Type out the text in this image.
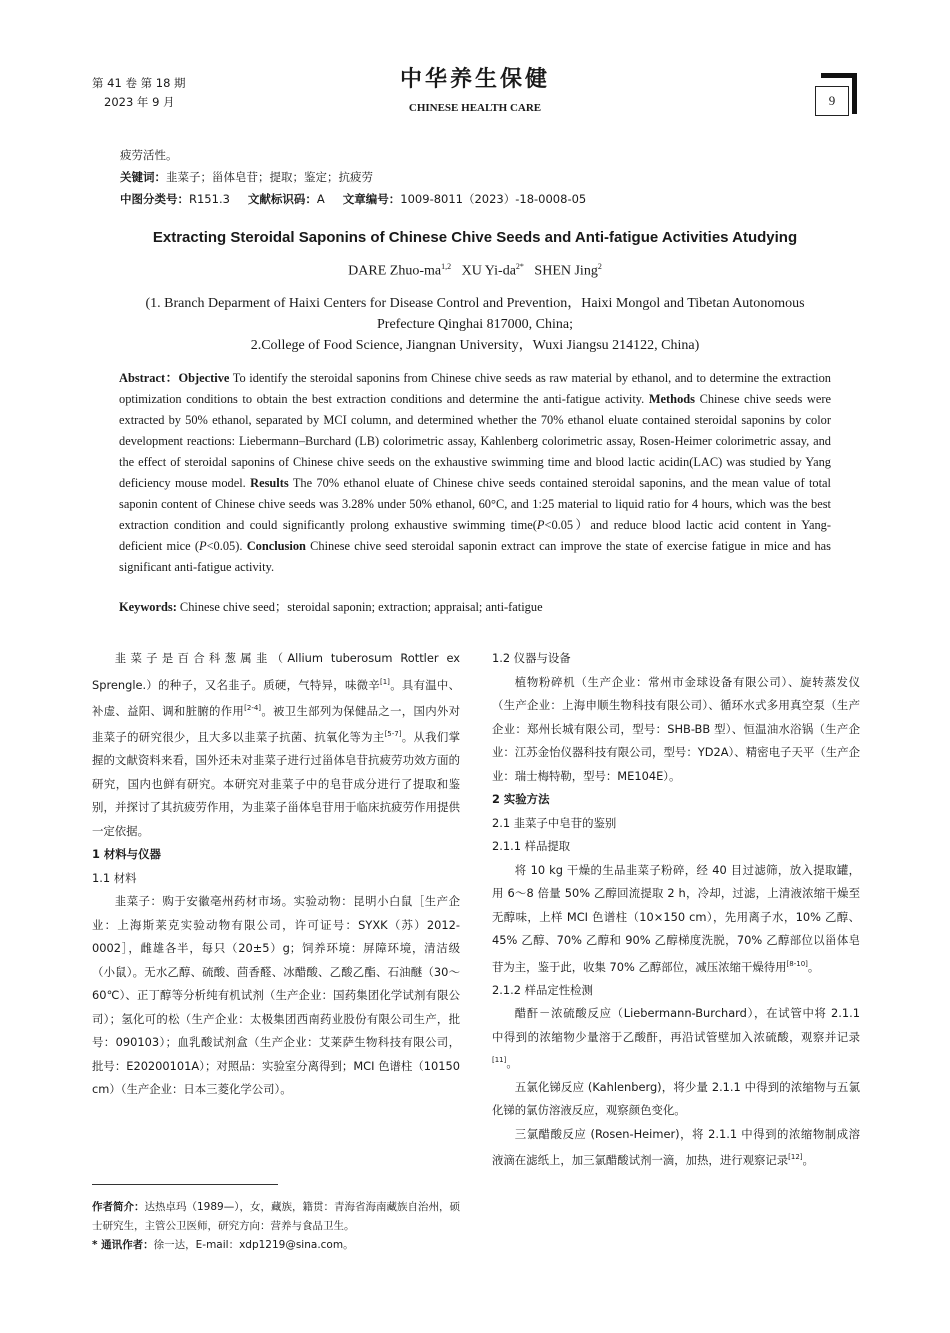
第 41 卷 第 18 期
2023 年 9 月
中华养生保健
CHINESE HEALTH CARE	9
疲劳活性。
关键词：韭菜子；甾体皂苷；提取；鉴定；抗疲劳
中图分类号：R151.3 文献标识码：A 文章编号：1009-8011（2023）-18-0008-05
Extracting Steroidal Saponins of Chinese Chive Seeds and Anti-fatigue Activities Atudying
DARE Zhuo-ma$^{1,2}$ XU $Yi-da^{2*}$ SHEN Jing$^2$
(1. Branch Deparment of Haixi Centers for Disease Control and Prevention，Haixi Mongol and Tibetan Autonomous Prefecture Qinghai 817000, China;
2.College of Food Science, Jiangnan University，Wuxi Jiangsu 214122, China)
Abstract：Objective To identify the steroidal saponins from Chinese chive seeds as raw material by ethanol, and to determine the extraction optimization conditions to obtain the best extraction conditions and determine the anti-fatigue activity. Methods Chinese chive seeds were extracted by 50% ethanol, separated by MCI column, and determined whether the 70% ethanol eluate contained steroidal saponins by color development reactions: Liebermann–Burchard (LB) colorimetric assay, Kahlenberg colorimetric assay, Rosen-Heimer colorimetric assay, and the effect of steroidal saponins of Chinese chive seeds on the exhaustive swimming time and blood lactic acidin(LAC) was studied by Yang deficiency mouse model. Results The 70% ethanol eluate of Chinese chive seeds contained steroidal saponins, and the mean value of total saponin content of Chinese chive seeds was 3.28% under 50% ethanol, 60°C, and 1:25 material to liquid ratio for 4 hours, which was the best extraction condition and could significantly prolong exhaustive swimming time(P<0.05）and reduce blood lactic acid content in Yang-deficient mice (P<0.05). Conclusion Chinese chive seed steroidal saponin extract can improve the state of exercise fatigue in mice and has significant anti-fatigue activity.
Keywords: Chinese chive seed；steroidal saponin; extraction; appraisal; anti-fatigue

韭菜子是百合科葱属韭（Allium tuberosum Rottler ex Sprengle.）的种子，又名韭子。质硬，气特异，味微辛[1]。具有温中、补虚、益阳、调和脏腑的作用[2-4]。被卫生部列为保健品之一，国内外对韭菜子的研究很少，且大多以韭菜子抗菌、抗氧化等为主[5-7]。从我们掌握的文献资料来看，国外还未对韭菜子进行过甾体皂苷抗疲劳功效方面的研究，国内也鲜有研究。本研究对韭菜子中的皂苷成分进行了提取和鉴别，并探讨了其抗疲劳作用，为韭菜子甾体皂苷用于临床抗疲劳作用提供一定依据。

1 材料与仪器

1.1 材料

韭菜子：购于安徽亳州药材市场。实验动物：昆明小白鼠［生产企业：上海斯莱克实验动物有限公司，许可证号：SYXK（苏）2012-0002］，雌雄各半，每只（20±5）g；饲养环境：屏障环境，清洁级（小鼠）。无水乙醇、硫酸、茴香醛、冰醋酸、乙酸乙酯、石油醚（30～60℃）、正丁醇等分析纯有机试剂（生产企业：国药集团化学试剂有限公司）；氢化可的松（生产企业：太极集团西南药业股份有限公司生产，批号：090103）；血乳酸试剂盒（生产企业：艾莱萨生物科技有限公司，批号：E20200101A）；对照品：实验室分离得到；MCI 色谱柱（10150 cm）（生产企业：日本三菱化学公司）。

1.2 仪器与设备

植物粉碎机（生产企业：常州市金球设备有限公司）、旋转蒸发仪（生产企业：上海申顺生物科技有限公司）、循环水式多用真空泵（生产企业：郑州长城有限公司，型号：SHB-BB 型）、恒温油水浴锅（生产企业：江苏金怡仪器科技有限公司，型号：YD2A）、精密电子天平（生产企业：瑞士梅特勒，型号：ME104E）。

2 实验方法

2.1 韭菜子中皂苷的鉴别

2.1.1 样品提取

将 10 kg 干燥的生品韭菜子粉碎，经 40 目过滤筛，放入提取罐，用 6～8 倍量 50% 乙醇回流提取 2 h，冷却，过滤，上清液浓缩干燥至无醇味，上样 MCI 色谱柱（10×150 cm），先用离子水，10% 乙醇、45% 乙醇、70% 乙醇和 90% 乙醇梯度洗脱，70% 乙醇部位以甾体皂苷为主，鉴于此，收集 70% 乙醇部位，减压浓缩干燥待用[8-10]。

2.1.2 样品定性检测

醋酐－浓硫酸反应（Liebermann-Burchard），在试管中将 2.1.1 中得到的浓缩物少量溶于乙酸酐，再沿试管壁加入浓硫酸，观察并记录[11]。

五氯化锑反应 (Kahlenberg)，将少量 2.1.1 中得到的浓缩物与五氯化锑的氯仿溶液反应，观察颜色变化。

三氯醋酸反应 (Rosen-Heimer)，将 2.1.1 中得到的浓缩物制成溶液滴在滤纸上，加三氯醋酸试剂一滴，加热，进行观察记录[12]。

作者简介：达热卓玛（1989—），女，藏族，籍贯：青海省海南藏族自治州，硕士研究生，主管公卫医师，研究方向：营养与食品卫生。
* 通讯作者：徐一达，E-mail：xdp1219@sina.com。
